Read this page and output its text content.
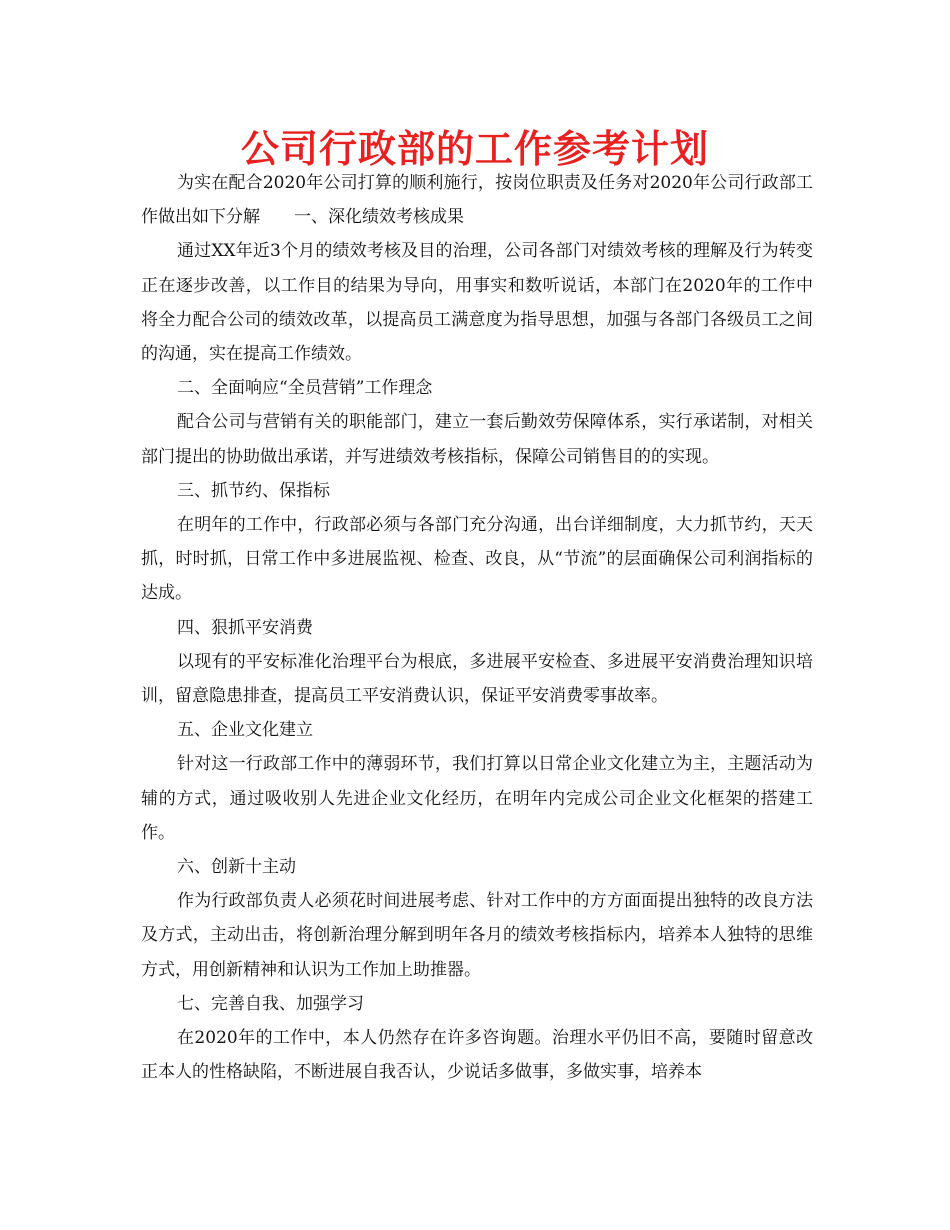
公司行政部的工作参考计划

为实在配合2020年公司打算的顺利施行，按岗位职责及任务对2020年公司行政部工作做出如下分解　　一、深化绩效考核成果

通过XX年近3个月的绩效考核及目的治理，公司各部门对绩效考核的理解及行为转变正在逐步改善，以工作目的结果为导向，用事实和数听说话，本部门在2020年的工作中将全力配合公司的绩效改革，以提高员工满意度为指导思想，加强与各部门各级员工之间的沟通，实在提高工作绩效。

二、全面响应“全员营销”工作理念

配合公司与营销有关的职能部门，建立一套后勤效劳保障体系，实行承诺制，对相关部门提出的协助做出承诺，并写进绩效考核指标，保障公司销售目的的实现。

三、抓节约、保指标

在明年的工作中，行政部必须与各部门充分沟通，出台详细制度，大力抓节约，天天抓，时时抓，日常工作中多进展监视、检查、改良，从“节流”的层面确保公司利润指标的达成。

四、狠抓平安消费

以现有的平安标准化治理平台为根底，多进展平安检查、多进展平安消费治理知识培训，留意隐患排查，提高员工平安消费认识，保证平安消费零事故率。

五、企业文化建立

针对这一行政部工作中的薄弱环节，我们打算以日常企业文化建立为主，主题活动为辅的方式，通过吸收别人先进企业文化经历，在明年内完成公司企业文化框架的搭建工作。

六、创新十主动

作为行政部负责人必须花时间进展考虑、针对工作中的方方面面提出独特的改良方法及方式，主动出击，将创新治理分解到明年各月的绩效考核指标内，培养本人独特的思维方式，用创新精神和认识为工作加上助推器。

七、完善自我、加强学习

在2020年的工作中，本人仍然存在许多咨询题。治理水平仍旧不高，要随时留意改正本人的性格缺陷，不断进展自我否认，少说话多做事，多做实事，培养本
